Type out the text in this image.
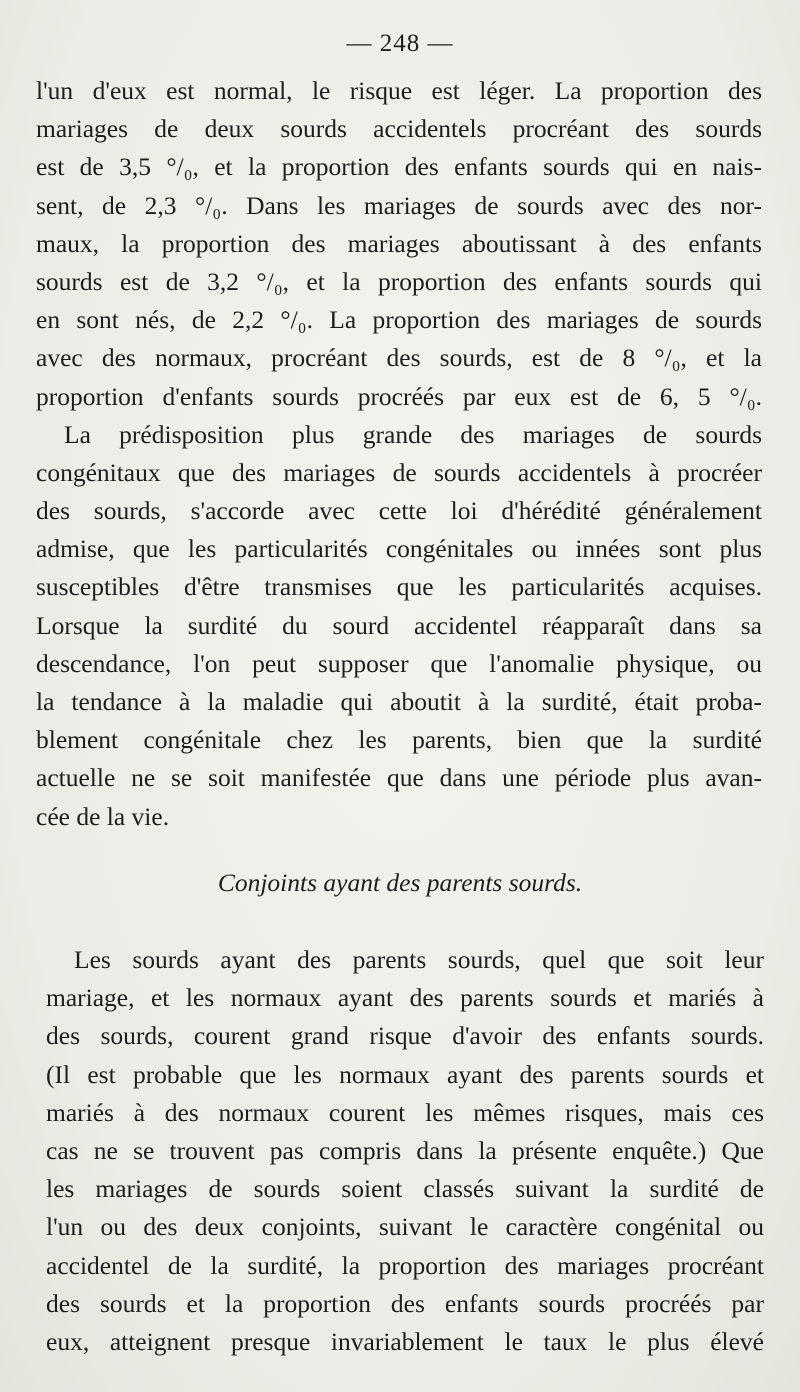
— 248 —
l'un d'eux est normal, le risque est léger. La proportion des
mariages de deux sourds accidentels procréant des sourds
est de 3,5 °/₀, et la proportion des enfants sourds qui en nais-
sent, de 2,3 °/₀. Dans les mariages de sourds avec des nor-
maux, la proportion des mariages aboutissant à des enfants
sourds est de 3,2 °/₀, et la proportion des enfants sourds qui
en sont nés, de 2,2 °/₀. La proportion des mariages de sourds
avec des normaux, procréant des sourds, est de 8 °/₀, et la
proportion d'enfants sourds procréés par eux est de 6, 5 °/₀.
La prédisposition plus grande des mariages de sourds
congénitaux que des mariages de sourds accidentels à procréer
des sourds, s'accorde avec cette loi d'hérédité généralement
admise, que les particularités congénitales ou innées sont plus
susceptibles d'être transmises que les particularités acquises.
Lorsque la surdité du sourd accidentel réapparaît dans sa
descendance, l'on peut supposer que l'anomalie physique, ou
la tendance à la maladie qui aboutit à la surdité, était proba-
blement congénitale chez les parents, bien que la surdité
actuelle ne se soit manifestée que dans une période plus avan-
cée de la vie.
Conjoints ayant des parents sourds.
Les sourds ayant des parents sourds, quel que soit leur
mariage, et les normaux ayant des parents sourds et mariés à
des sourds, courent grand risque d'avoir des enfants sourds.
(Il est probable que les normaux ayant des parents sourds et
mariés à des normaux courent les mêmes risques, mais ces
cas ne se trouvent pas compris dans la présente enquête.) Que
les mariages de sourds soient classés suivant la surdité de
l'un ou des deux conjoints, suivant le caractère congénital ou
accidentel de la surdité, la proportion des mariages procréant
des sourds et la proportion des enfants sourds procréés par
eux, atteignent presque invariablement le taux le plus élevé
